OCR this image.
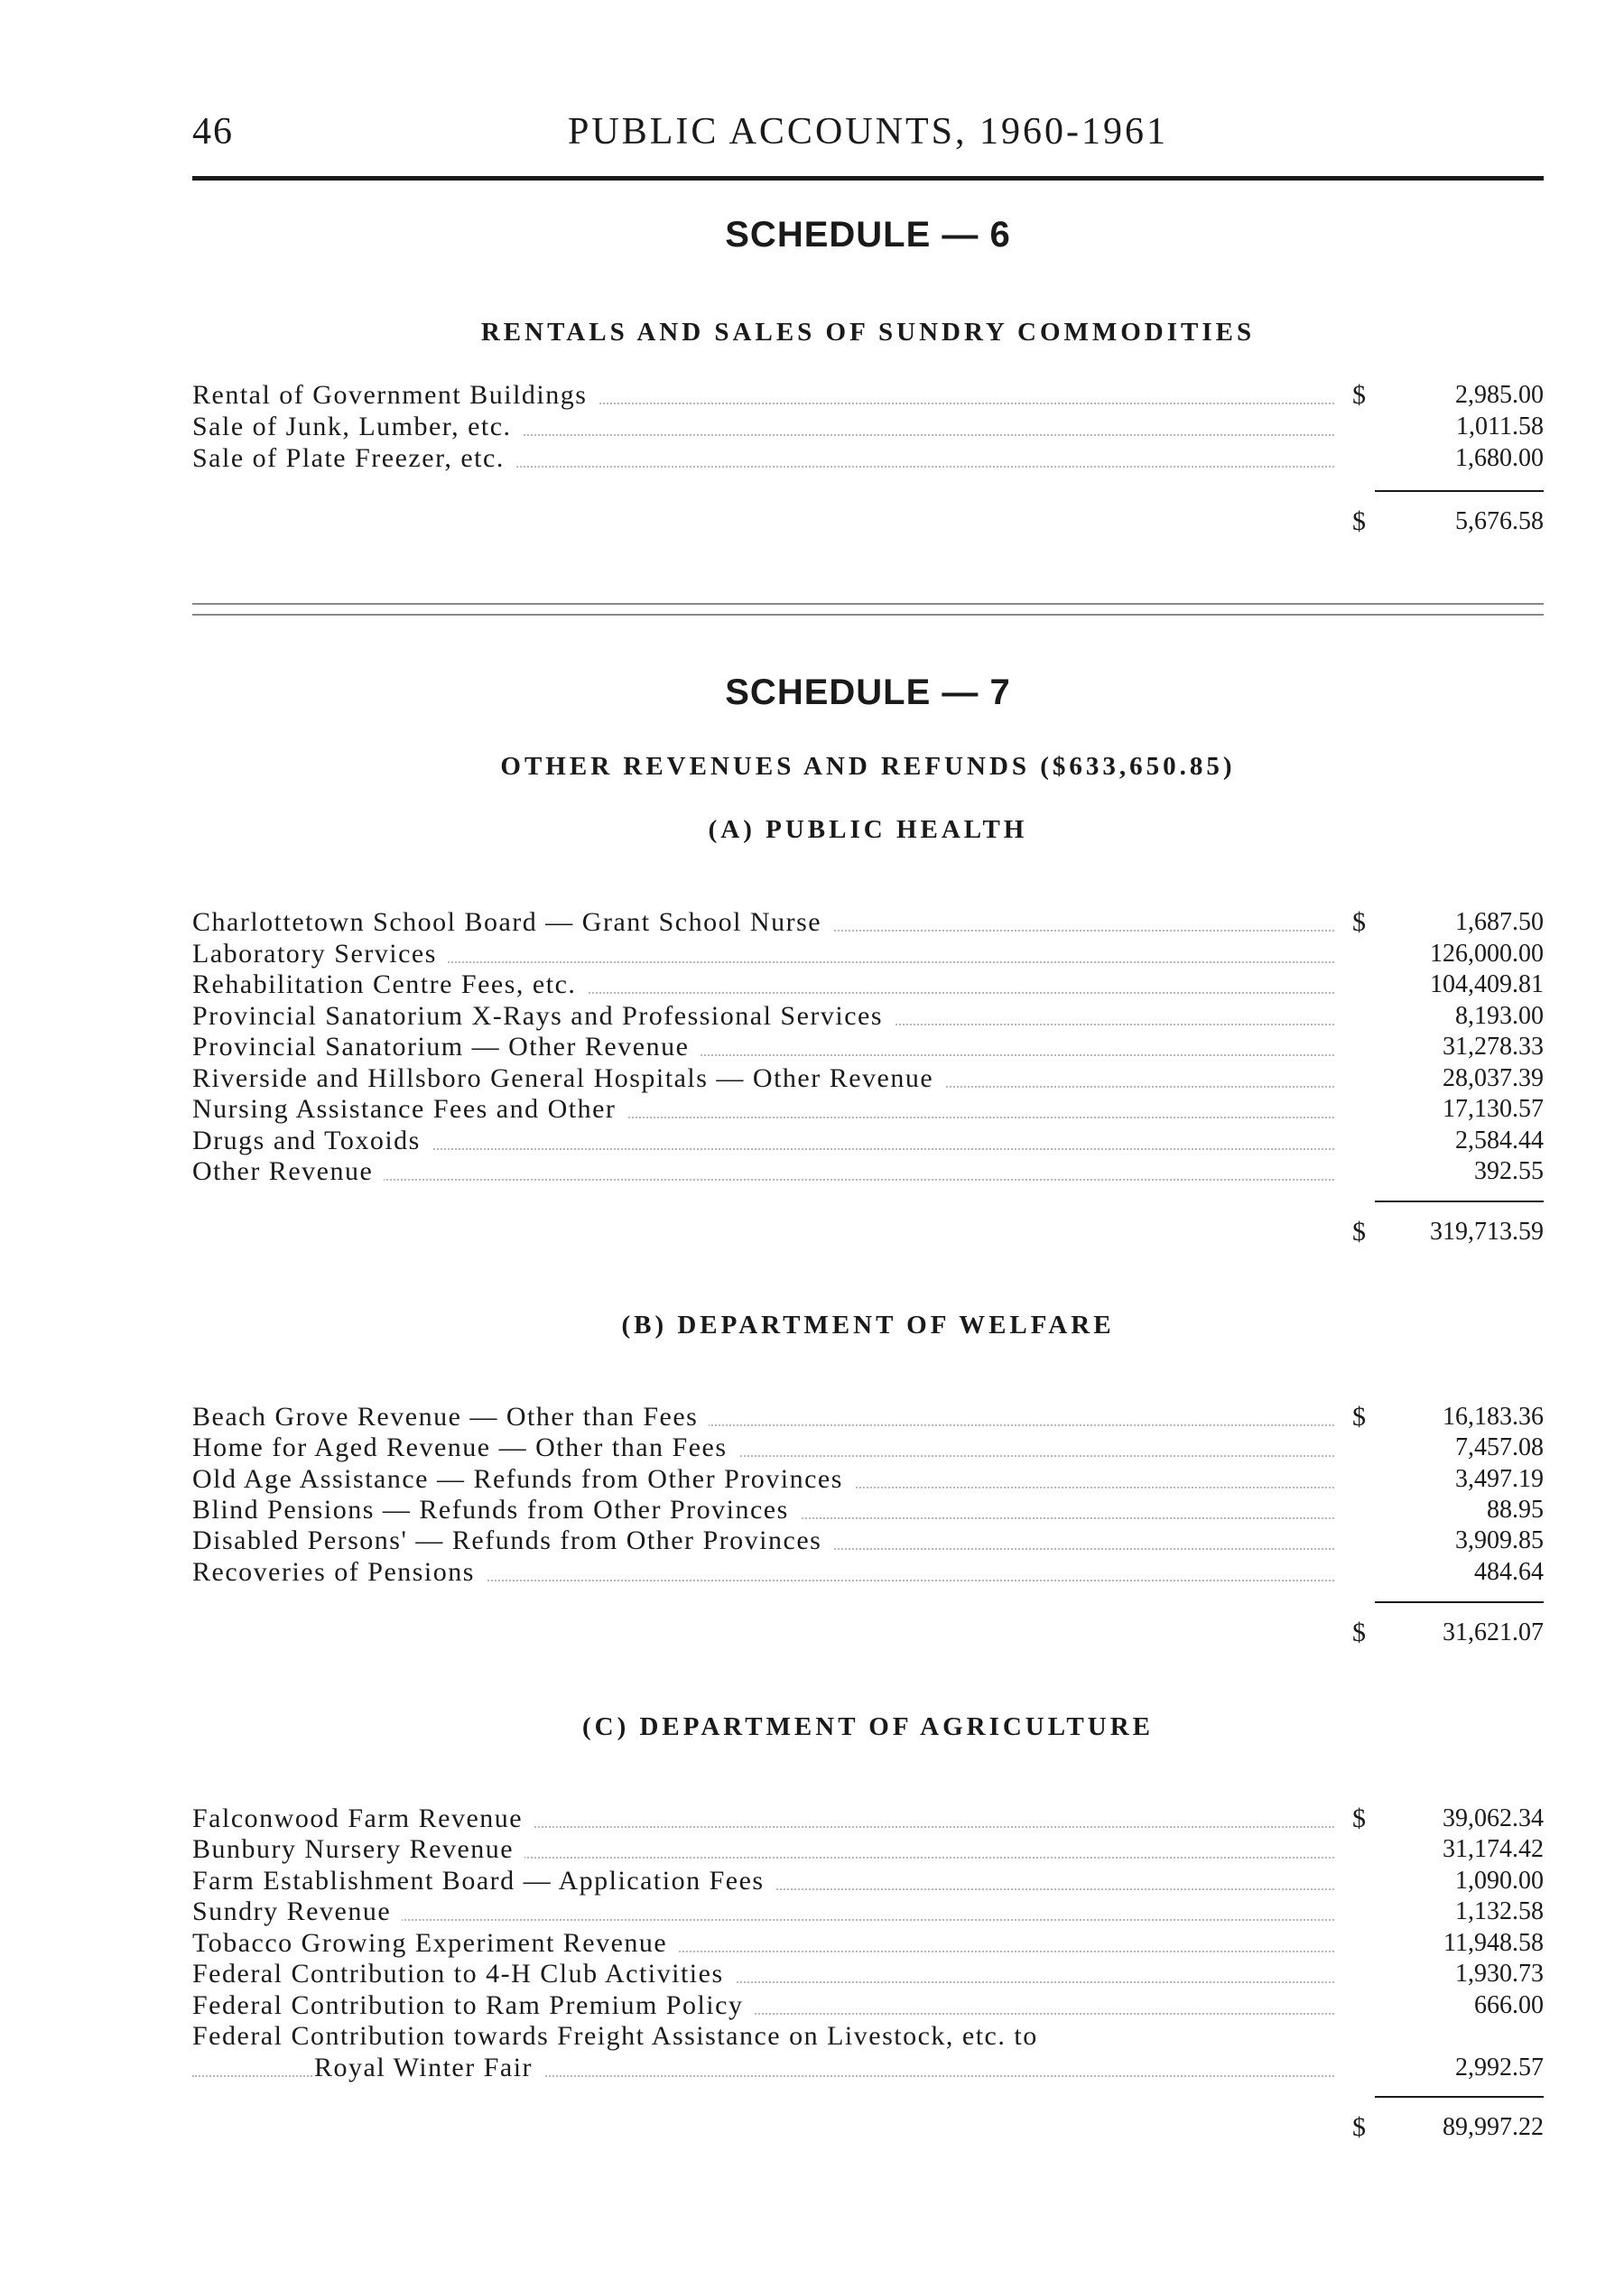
46	PUBLIC ACCOUNTS, 1960-1961
SCHEDULE — 6
RENTALS AND SALES OF SUNDRY COMMODITIES
Rental of Government Buildings	$	2,985.00
Sale of Junk, Lumber, etc.	1,011.58
Sale of Plate Freezer, etc.	1,680.00
$	5,676.58
SCHEDULE — 7
OTHER REVENUES AND REFUNDS ($633,650.85)
(A) PUBLIC HEALTH
Charlottetown School Board — Grant School Nurse	$	1,687.50
Laboratory Services	126,000.00
Rehabilitation Centre Fees, etc.	104,409.81
Provincial Sanatorium X-Rays and Professional Services	8,193.00
Provincial Sanatorium — Other Revenue	31,278.33
Riverside and Hillsboro General Hospitals — Other Revenue	28,037.39
Nursing Assistance Fees and Other	17,130.57
Drugs and Toxoids	2,584.44
Other Revenue	392.55
$	319,713.59
(B) DEPARTMENT OF WELFARE
Beach Grove Revenue — Other than Fees	$	16,183.36
Home for Aged Revenue — Other than Fees	7,457.08
Old Age Assistance — Refunds from Other Provinces	3,497.19
Blind Pensions — Refunds from Other Provinces	88.95
Disabled Persons' — Refunds from Other Provinces	3,909.85
Recoveries of Pensions	484.64
$	31,621.07
(C) DEPARTMENT OF AGRICULTURE
Falconwood Farm Revenue	$	39,062.34
Bunbury Nursery Revenue	31,174.42
Farm Establishment Board — Application Fees	1,090.00
Sundry Revenue	1,132.58
Tobacco Growing Experiment Revenue	11,948.58
Federal Contribution to 4-H Club Activities	1,930.73
Federal Contribution to Ram Premium Policy	666.00
Federal Contribution towards Freight Assistance on Livestock, etc. to
Royal Winter Fair	2,992.57
$	89,997.22
